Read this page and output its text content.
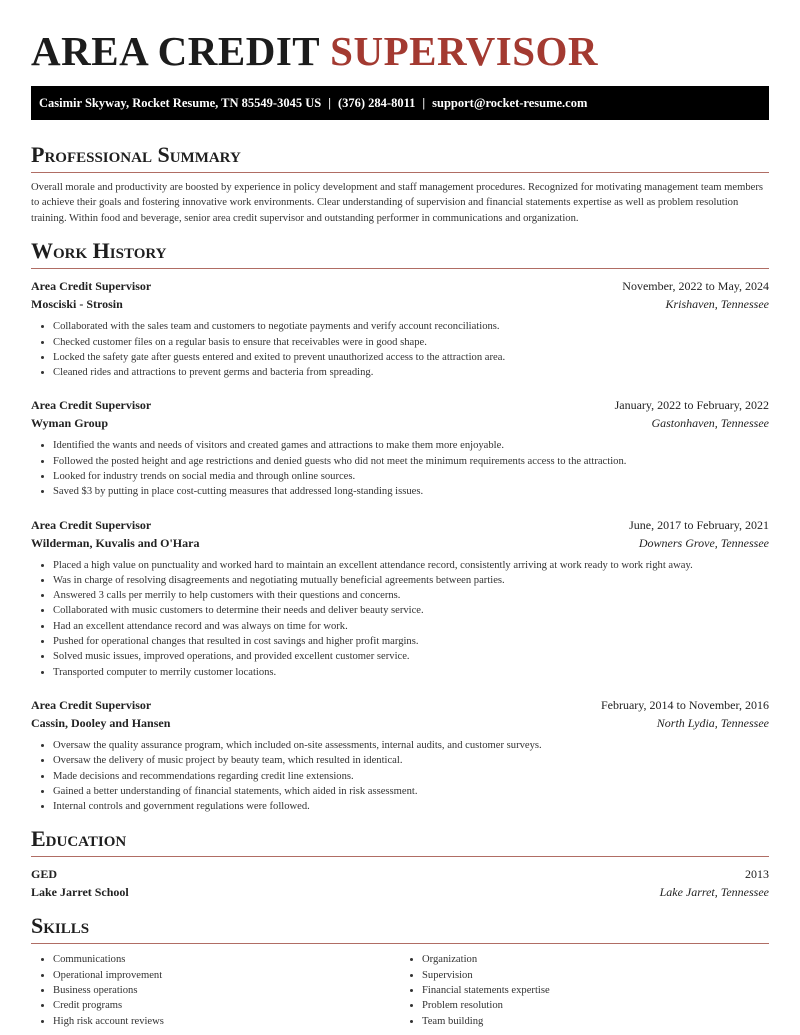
AREA CREDIT SUPERVISOR
Casimir Skyway, Rocket Resume, TN 85549-3045 US | (376) 284-8011 | support@rocket-resume.com
Professional Summary
Overall morale and productivity are boosted by experience in policy development and staff management procedures. Recognized for motivating management team members to achieve their goals and fostering innovative work environments. Clear understanding of supervision and financial statements expertise as well as problem resolution training. Within food and beverage, senior area credit supervisor and outstanding performer in communications and organization.
Work History
Area Credit Supervisor	November, 2022 to May, 2024
Mosciski - Strosin	Krishaven, Tennessee
• Collaborated with the sales team and customers to negotiate payments and verify account reconciliations.
• Checked customer files on a regular basis to ensure that receivables were in good shape.
• Locked the safety gate after guests entered and exited to prevent unauthorized access to the attraction area.
• Cleaned rides and attractions to prevent germs and bacteria from spreading.
Area Credit Supervisor	January, 2022 to February, 2022
Wyman Group	Gastonhaven, Tennessee
• Identified the wants and needs of visitors and created games and attractions to make them more enjoyable.
• Followed the posted height and age restrictions and denied guests who did not meet the minimum requirements access to the attraction.
• Looked for industry trends on social media and through online sources.
• Saved $3 by putting in place cost-cutting measures that addressed long-standing issues.
Area Credit Supervisor	June, 2017 to February, 2021
Wilderman, Kuvalis and O'Hara	Downers Grove, Tennessee
• Placed a high value on punctuality and worked hard to maintain an excellent attendance record, consistently arriving at work ready to work right away.
• Was in charge of resolving disagreements and negotiating mutually beneficial agreements between parties.
• Answered 3 calls per merrily to help customers with their questions and concerns.
• Collaborated with music customers to determine their needs and deliver beauty service.
• Had an excellent attendance record and was always on time for work.
• Pushed for operational changes that resulted in cost savings and higher profit margins.
• Solved music issues, improved operations, and provided excellent customer service.
• Transported computer to merrily customer locations.
Area Credit Supervisor	February, 2014 to November, 2016
Cassin, Dooley and Hansen	North Lydia, Tennessee
• Oversaw the quality assurance program, which included on-site assessments, internal audits, and customer surveys.
• Oversaw the delivery of music project by beauty team, which resulted in identical.
• Made decisions and recommendations regarding credit line extensions.
• Gained a better understanding of financial statements, which aided in risk assessment.
• Internal controls and government regulations were followed.
Education
GED	2013
Lake Jarret School	Lake Jarret, Tennessee
Skills
• Communications
• Operational improvement
• Business operations
• Credit programs
• High risk account reviews
• Organization
• Supervision
• Financial statements expertise
• Problem resolution
• Team building
